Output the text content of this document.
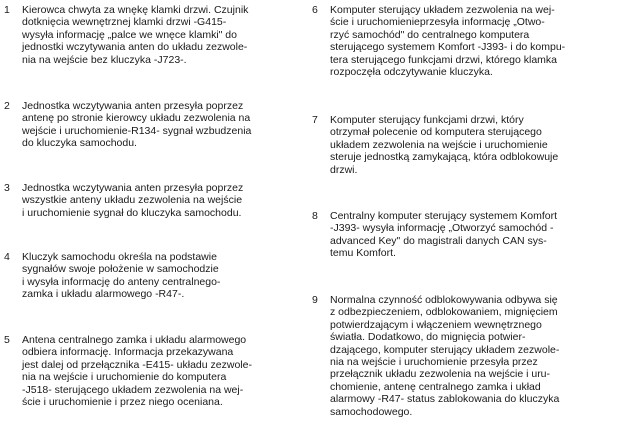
1 Kierowca chwyta za wnękę klamki drzwi. Czujnik
dotknięcia wewnętrznej klamki drzwi -G415-
wysyła informację „palce we wnęce klamki" do
jednostki wczytywania anten do układu zezwole-
nia na wejście bez kluczyka -J723-.
2 Jednostka wczytywania anten przesyła poprzez
antenę po stronie kierowcy układu zezwolenia na
wejście i uruchomienie-R134- sygnał wzbudzenia
do kluczyka samochodu.
3 Jednostka wczytywania anten przesyła poprzez
wszystkie anteny układu zezwolenia na wejście
i uruchomienie sygnał do kluczyka samochodu.
4 Kluczyk samochodu określa na podstawie
sygnałów swoje położenie w samochodzie
i wysyła informację do anteny centralnego-
zamka i układu alarmowego -R47-.
5 Antena centralnego zamka i układu alarmowego
odbiera informację. Informacja przekazywana
jest dalej od przełącznika -E415- układu zezwole-
nia na wejście i uruchomienie do komputera
-J518- sterującego układem zezwolenia na wej-
ście i uruchomienie i przez niego oceniana.
6 Komputer sterujący układem zezwolenia na wej-
ście i uruchomienieprzesyła informację „Otwo-
rzyć samochód" do centralnego komputera
sterującego systemem Komfort -J393- i do kompu-
tera sterującego funkcjami drzwi, którego klamka
rozpoczęła odczytywanie kluczyka.
7 Komputer sterujący funkcjami drzwi, który
otrzymał polecenie od komputera sterującego
układem zezwolenia na wejście i uruchomienie
steruje jednostką zamykającą, która odblokowuje
drzwi.
8 Centralny komputer sterujący systemem Komfort
-J393- wysyła informację „Otworzyć samochód -
advanced Key" do magistrali danych CAN sys-
temu Komfort.
9 Normalna czynność odblokowywania odbywa się
z odbezpieczeniem, odblokowaniem, mignięciem
potwierdzającym i włączeniem wewnętrznego
światła. Dodatkowo, do mignięcia potwier-
dzającego, komputer sterujący układem zezwole-
nia na wejście i uruchomienie przesyła przez
przełącznik układu zezwolenia na wejście i uru-
chomienie, antenę centralnego zamka i układ
alarmowy -R47- status zablokowania do kluczyka
samochodowego.
